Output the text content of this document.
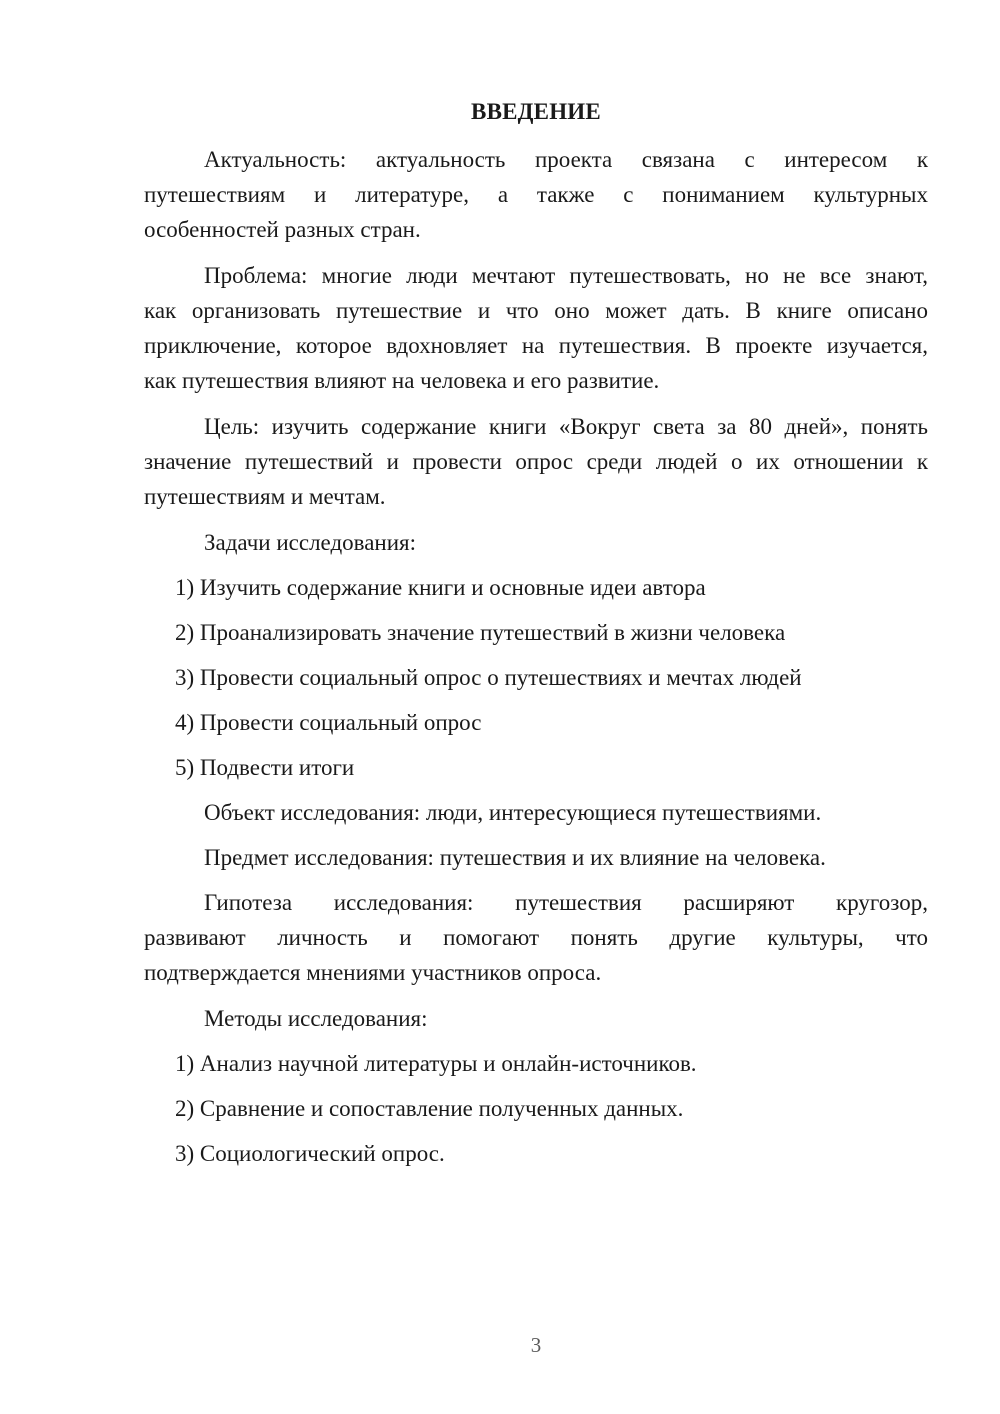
ВВЕДЕНИЕ
Актуальность: актуальность проекта связана с интересом к
путешествиям и литературе, а также с пониманием культурных
особенностей разных стран.
Проблема: многие люди мечтают путешествовать, но не все знают,
как организовать путешествие и что оно может дать. В книге описано
приключение, которое вдохновляет на путешествия. В проекте изучается,
как путешествия влияют на человека и его развитие.
Цель: изучить содержание книги «Вокруг света за 80 дней», понять
значение путешествий и провести опрос среди людей о их отношении к
путешествиям и мечтам.
Задачи исследования:
1) Изучить содержание книги и основные идеи автора
2) Проанализировать значение путешествий в жизни человека
3) Провести социальный опрос о путешествиях и мечтах людей
4) Провести социальный опрос
5) Подвести итоги
Объект исследования: люди, интересующиеся путешествиями.
Предмет исследования: путешествия и их влияние на человека.
Гипотеза исследования: путешествия расширяют кругозор,
развивают личность и помогают понять другие культуры, что
подтверждается мнениями участников опроса.
Методы исследования:
1) Анализ научной литературы и онлайн-источников.
2) Сравнение и сопоставление полученных данных.
3) Социологический опрос.
3
